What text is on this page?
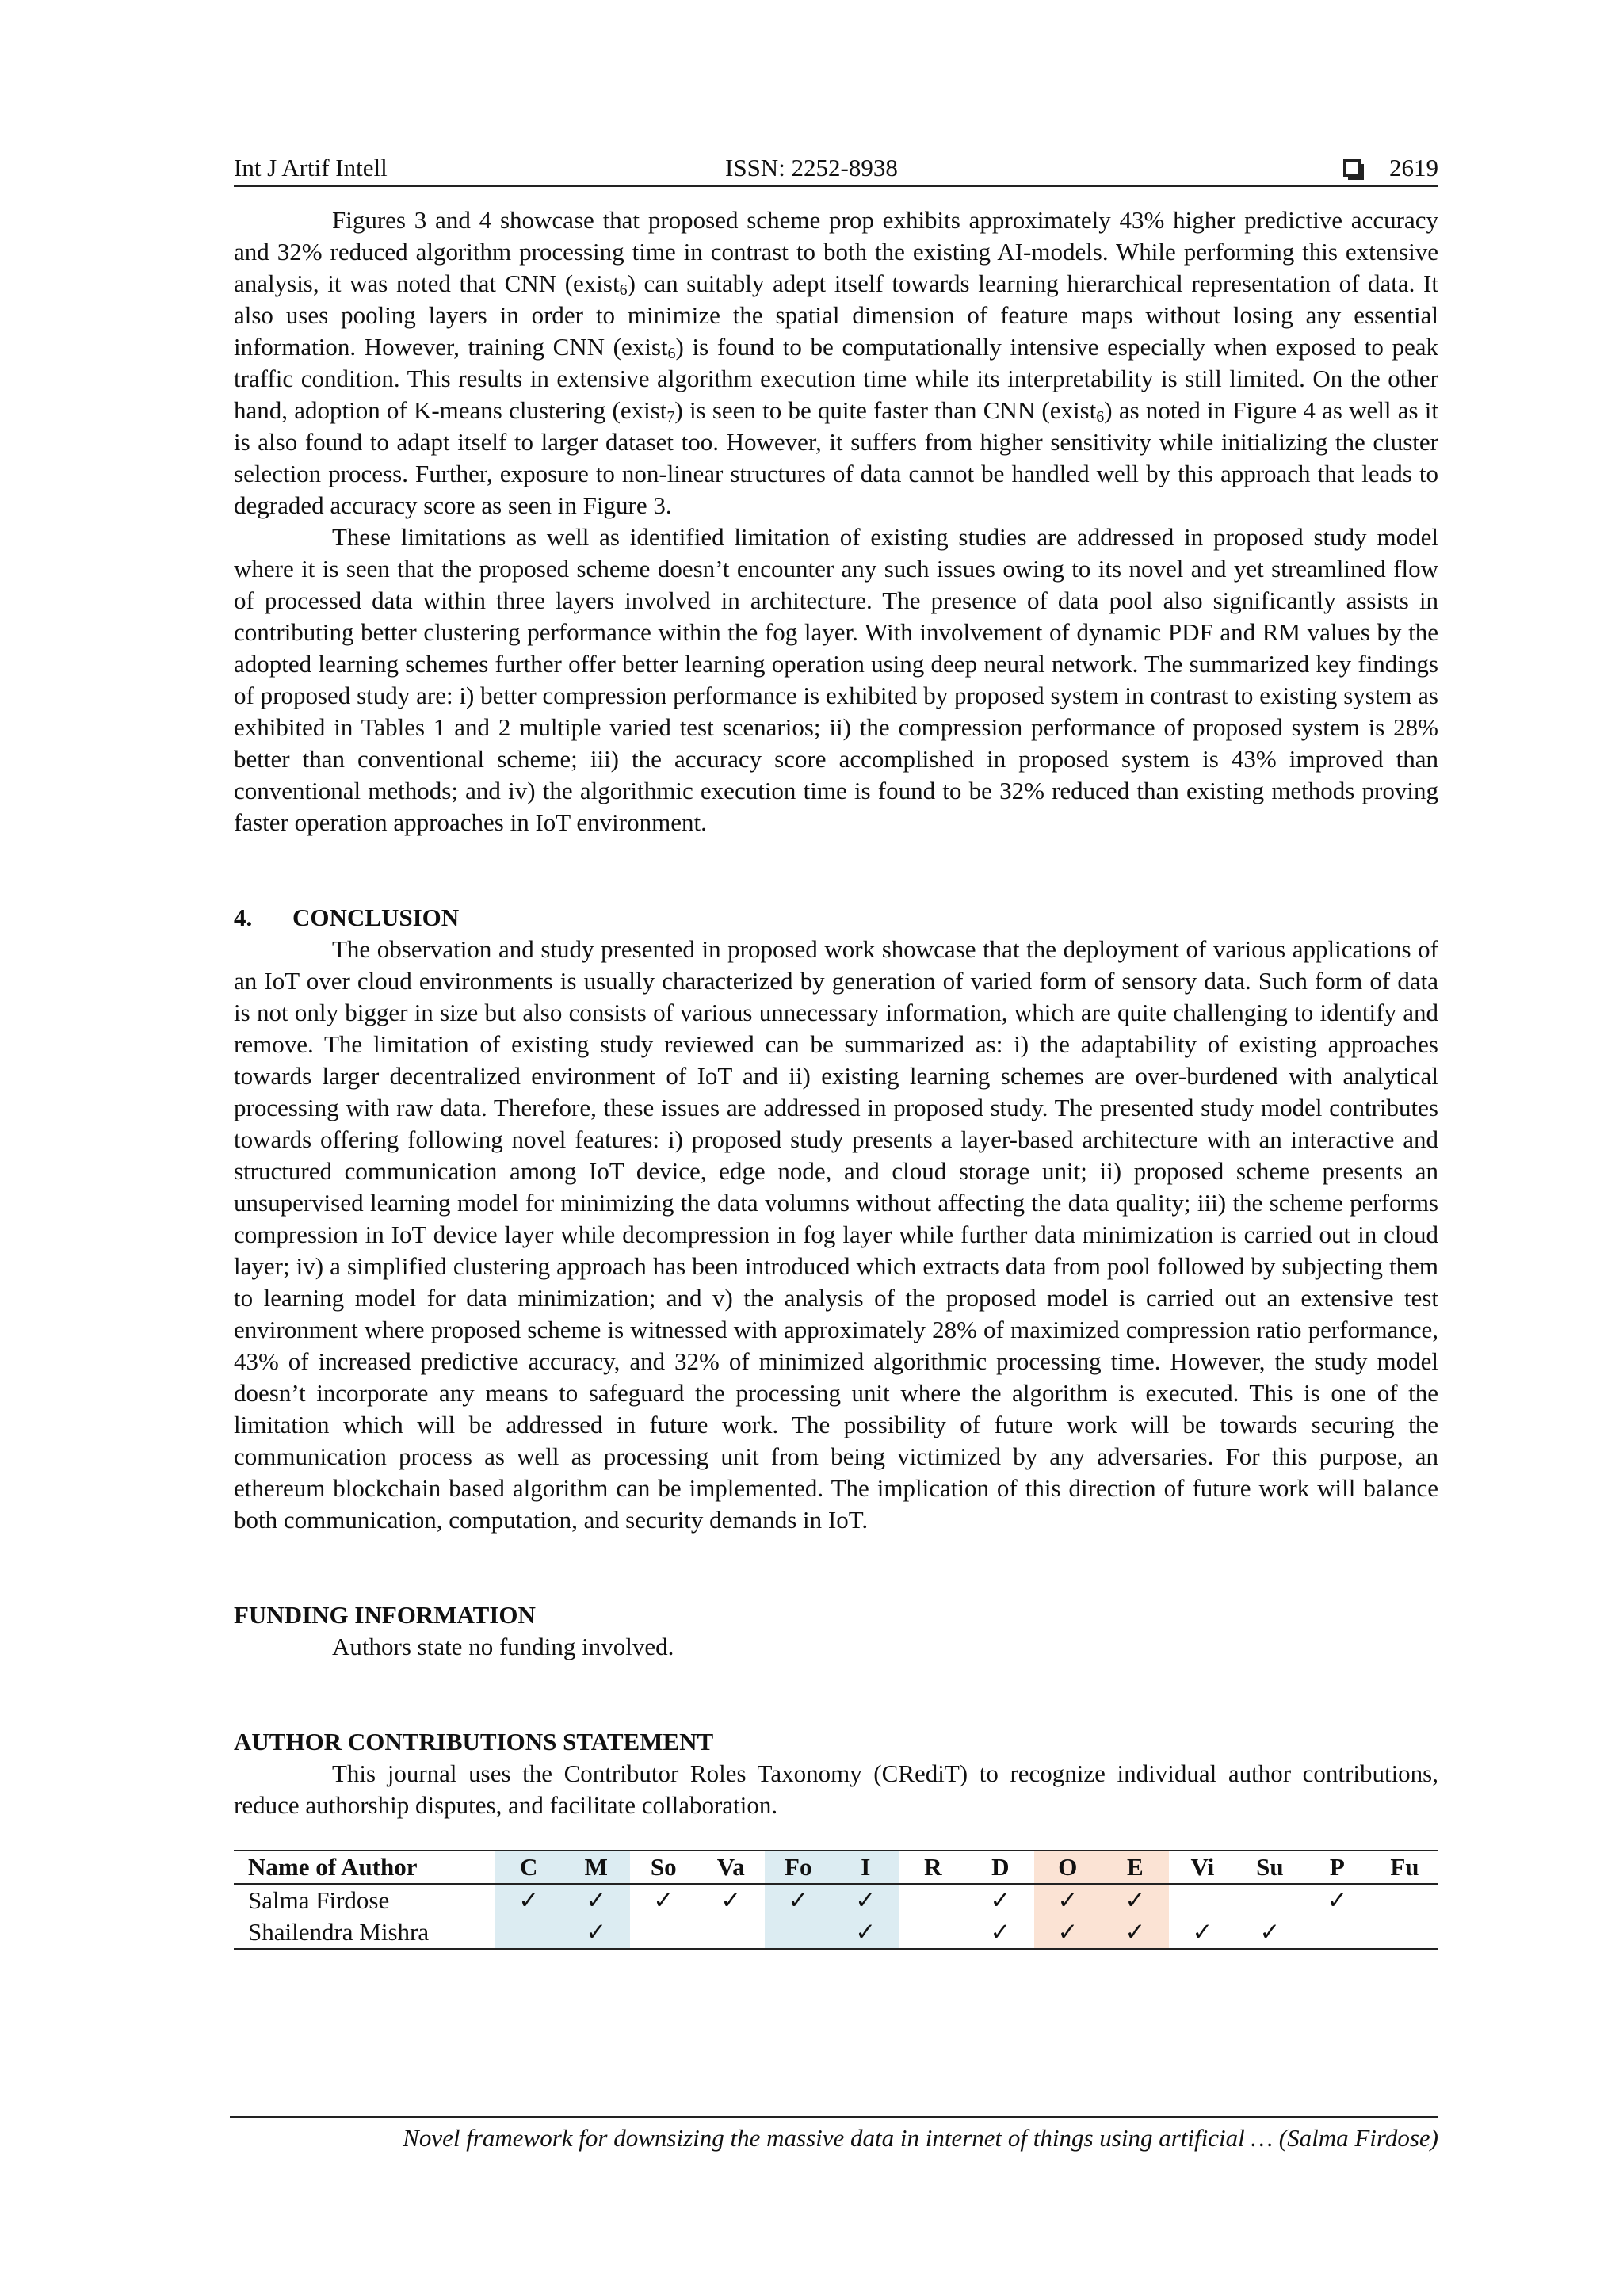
Int J Artif Intell	ISSN: 2252-8938	2619

Figures 3 and 4 showcase that proposed scheme prop exhibits approximately 43% higher predictive accuracy and 32% reduced algorithm processing time in contrast to both the existing AI-models. While performing this extensive analysis, it was noted that CNN (exist$_6$) can suitably adept itself towards learning hierarchical representation of data. It also uses pooling layers in order to minimize the spatial dimension of feature maps without losing any essential information. However, training CNN (exist$_6$) is found to be computationally intensive especially when exposed to peak traffic condition. This results in extensive algorithm execution time while its interpretability is still limited. On the other hand, adoption of K-means clustering (exist$_7$) is seen to be quite faster than CNN (exist$_6$) as noted in Figure 4 as well as it is also found to adapt itself to larger dataset too. However, it suffers from higher sensitivity while initializing the cluster selection process. Further, exposure to non-linear structures of data cannot be handled well by this approach that leads to degraded accuracy score as seen in Figure 3.

These limitations as well as identified limitation of existing studies are addressed in proposed study model where it is seen that the proposed scheme doesn’t encounter any such issues owing to its novel and yet streamlined flow of processed data within three layers involved in architecture. The presence of data pool also significantly assists in contributing better clustering performance within the fog layer. With involvement of dynamic PDF and RM values by the adopted learning schemes further offer better learning operation using deep neural network. The summarized key findings of proposed study are: i) better compression performance is exhibited by proposed system in contrast to existing system as exhibited in Tables 1 and 2 multiple varied test scenarios; ii) the compression performance of proposed system is 28% better than conventional scheme; iii) the accuracy score accomplished in proposed system is 43% improved than conventional methods; and iv) the algorithmic execution time is found to be 32% reduced than existing methods proving faster operation approaches in IoT environment.

4. CONCLUSION

The observation and study presented in proposed work showcase that the deployment of various applications of an IoT over cloud environments is usually characterized by generation of varied form of sensory data. Such form of data is not only bigger in size but also consists of various unnecessary information, which are quite challenging to identify and remove. The limitation of existing study reviewed can be summarized as: i) the adaptability of existing approaches towards larger decentralized environment of IoT and ii) existing learning schemes are over-burdened with analytical processing with raw data. Therefore, these issues are addressed in proposed study. The presented study model contributes towards offering following novel features: i) proposed study presents a layer-based architecture with an interactive and structured communication among IoT device, edge node, and cloud storage unit; ii) proposed scheme presents an unsupervised learning model for minimizing the data volumns without affecting the data quality; iii) the scheme performs compression in IoT device layer while decompression in fog layer while further data minimization is carried out in cloud layer; iv) a simplified clustering approach has been introduced which extracts data from pool followed by subjecting them to learning model for data minimization; and v) the analysis of the proposed model is carried out an extensive test environment where proposed scheme is witnessed with approximately 28% of maximized compression ratio performance, 43% of increased predictive accuracy, and 32% of minimized algorithmic processing time. However, the study model doesn’t incorporate any means to safeguard the processing unit where the algorithm is executed. This is one of the limitation which will be addressed in future work. The possibility of future work will be towards securing the communication process as well as processing unit from being victimized by any adversaries. For this purpose, an ethereum blockchain based algorithm can be implemented. The implication of this direction of future work will balance both communication, computation, and security demands in IoT.

FUNDING INFORMATION

Authors state no funding involved.

AUTHOR CONTRIBUTIONS STATEMENT

This journal uses the Contributor Roles Taxonomy (CRediT) to recognize individual author contributions, reduce authorship disputes, and facilitate collaboration.

Name of Author	C	M	So	Va	Fo	I	R	D	O	E	Vi	Su	P	Fu
Salma Firdose	✓	✓	✓	✓	✓	✓		✓	✓	✓			✓	
Shailendra Mishra		✓				✓		✓	✓	✓	✓	✓		
Novel framework for downsizing the massive data in internet of things using artificial … (Salma Firdose)
